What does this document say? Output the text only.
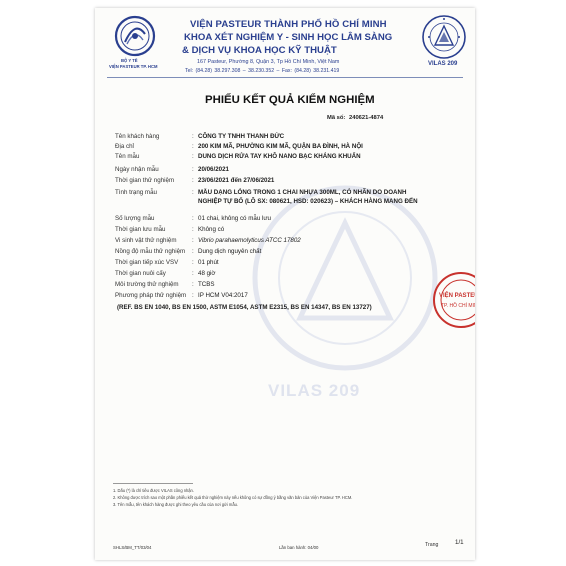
BỘ Y TẾ
VIỆN PASTEUR TP. HCM
VIỆN PASTEUR THÀNH PHỐ HỒ CHÍ MINH
KHOA XÉT NGHIỆM Y - SINH HỌC LÂM SÀNG
& DỊCH VỤ KHOA HỌC KỸ THUẬT
167 Pasteur, Phường 8, Quận 3, Tp Hồ Chí Minh, Việt Nam
Tel: (84.28) 38.297.308 – 38.230.352 – Fax: (84.28) 38.231.419
VILAS 209
VILAS 209
PHIẾU KẾT QUẢ KIỂM NGHIỆM
Mã số: 240621-4874
Tên khách hàng	: CÔNG TY TNHH THANH ĐỨC
Địa chỉ	: 200 KIM MÃ, PHƯỜNG KIM MÃ, QUẬN BA ĐÌNH, HÀ NỘI
Tên mẫu	: DUNG DỊCH RỬA TAY KHÔ NANO BẠC KHÁNG KHUẨN
Ngày nhận mẫu	: 20/06/2021
Thời gian thử nghiệm	: 23/06/2021 đến 27/06/2021
Tình trạng mẫu	: MẪU DẠNG LỎNG TRONG 1 CHAI NHỰA 300ML, CÓ NHÃN DO DOANH
NGHIỆP TỰ BỐ (LÔ SX: 080621, HSD: 020623) – KHÁCH HÀNG MANG ĐẾN
Số lượng mẫu	: 01 chai, không có mẫu lưu
Thời gian lưu mẫu	: Không có
Vi sinh vật thử nghiệm	: Vibrio parahaemolyticus ATCC 17802
Nồng độ mẫu thử nghiệm : Dung dịch nguyên chất
Thời gian tiếp xúc VSV : 01 phút
Thời gian nuôi cấy	: 48 giờ
Môi trường thử nghiệm : TCBS
Phương pháp thử nghiệm : IP HCM V04:2017
(REF. BS EN 1040, BS EN 1500, ASTM E1054, ASTM E2315, BS EN 14347, BS EN 13727)
VIỆN PASTEUR
TP. HỒ CHÍ MINH
1. Dấu (*) là chỉ tiêu được VILAS công nhận.
2. Không được trích sao một phần phiếu kết quả thử nghiệm này nếu không có sự đồng ý bằng văn bản của Viện Pasteur TP. HCM.
3. Tên mẫu, tên khách hàng được ghi theo yêu cầu của nơi gửi mẫu.
SHLS/BM_TT/03/04	Lần ban hành: 04/00	Trang	1/1
